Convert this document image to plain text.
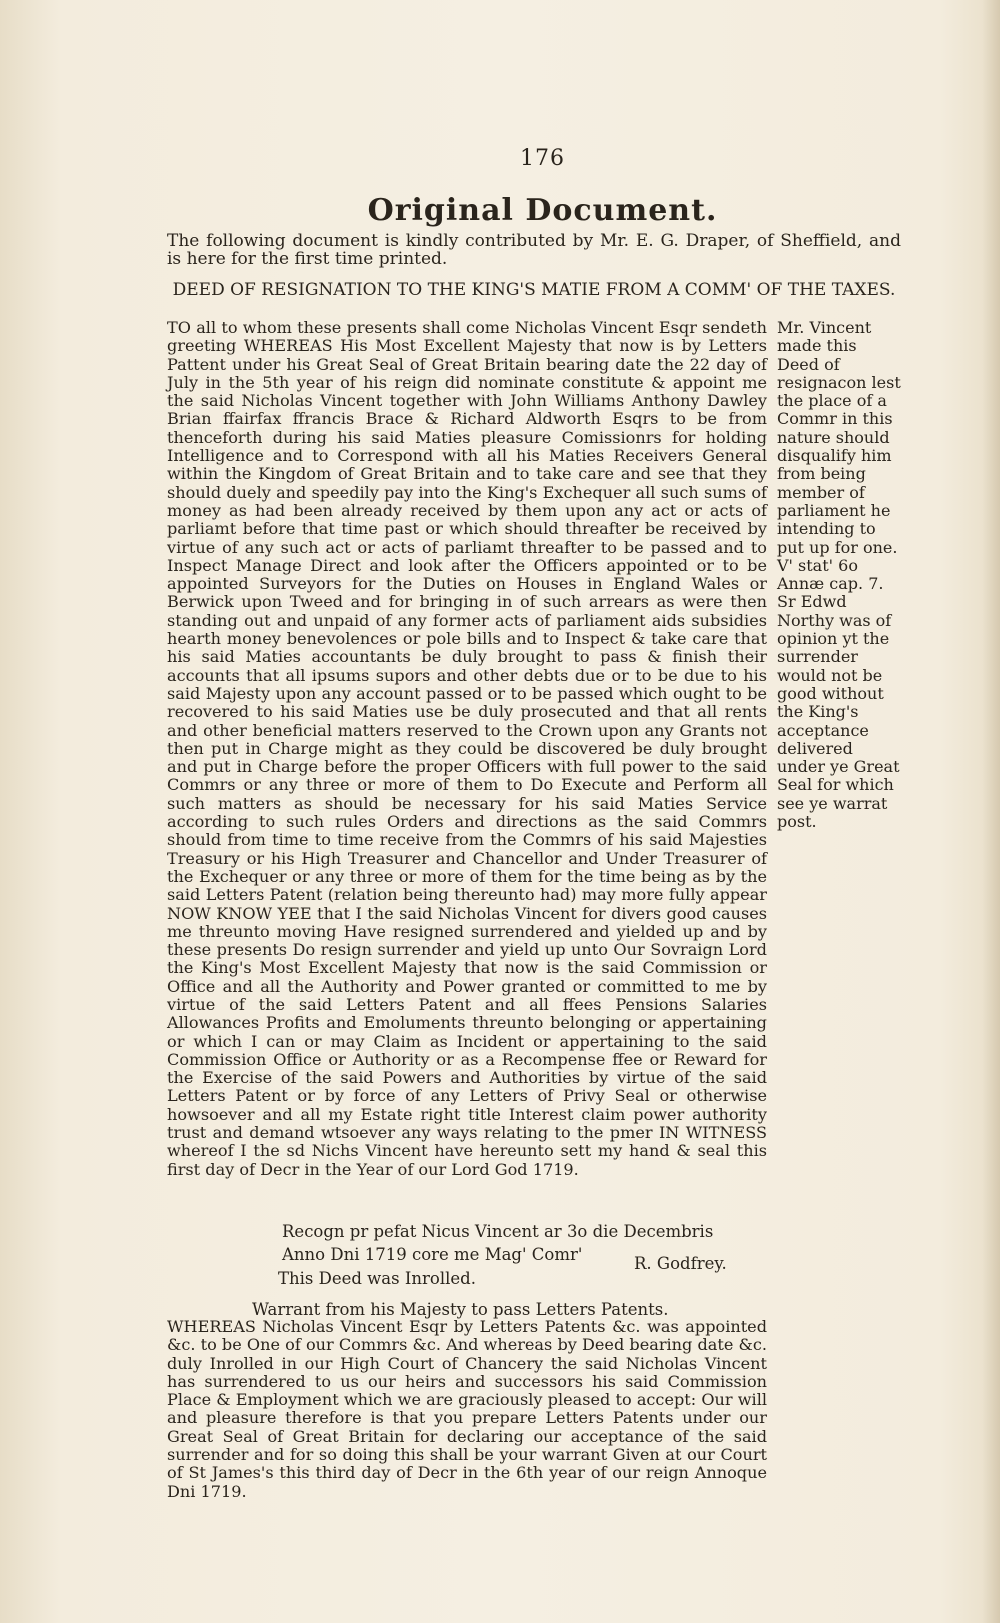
176
Original Document.
The following document is kindly contributed by Mr. E. G. Draper, of Sheffield, and is here for the first time printed.
DEED OF RESIGNATION TO THE KING'S MATIE FROM A COMM' OF THE TAXES.

TO all to whom these presents shall come Nicholas Vincent Esqr sendeth greeting WHEREAS His Most Excellent Majesty that now is by Letters Pattent under his Great Seal of Great Britain bearing date the 22 day of July in the 5th year of his reign did nominate constitute & appoint me the said Nicholas Vincent together with John Williams Anthony Dawley Brian ffairfax ffrancis Brace & Richard Aldworth Esqrs to be from thenceforth during his said Maties pleasure Comissionrs for holding Intelligence and to Correspond with all his Maties Receivers General within the Kingdom of Great Britain and to take care and see that they should duely and speedily pay into the King's Exchequer all such sums of money as had been already received by them upon any act or acts of parliamt before that time past or which should threafter be received by virtue of any such act or acts of parliamt threafter to be passed and to Inspect Manage Direct and look after the Officers appointed or to be appointed Surveyors for the Duties on Houses in England Wales or Berwick upon Tweed and for bringing in of such arrears as were then standing out and unpaid of any former acts of parliament aids subsidies hearth money benevolences or pole bills and to Inspect & take care that his said Maties accountants be duly brought to pass & finish their accounts that all ipsums supors and other debts due or to be due to his said Majesty upon any account passed or to be passed which ought to be recovered to his said Maties use be duly prosecuted and that all rents and other beneficial matters reserved to the Crown upon any Grants not then put in Charge might as they could be discovered be duly brought and put in Charge before the proper Officers with full power to the said Commrs or any three or more of them to Do Execute and Perform all such matters as should be necessary for his said Maties Service according to such rules Orders and directions as the said Commrs should from time to time receive from the Commrs of his said Majesties Treasury or his High Treasurer and Chancellor and Under Treasurer of the Exchequer or any three or more of them for the time being as by the said Letters Patent (relation being thereunto had) may more fully appear NOW KNOW YEE that I the said Nicholas Vincent for divers good causes me threunto moving Have resigned surrendered and yielded up and by these presents Do resign surrender and yield up unto Our Sovraign Lord the King's Most Excellent Majesty that now is the said Commission or Office and all the Authority and Power granted or committed to me by virtue of the said Letters Patent and all ffees Pensions Salaries Allowances Profits and Emoluments threunto belonging or appertaining or which I can or may Claim as Incident or appertaining to the said Commission Office or Authority or as a Recompense ffee or Reward for the Exercise of the said Powers and Authorities by virtue of the said Letters Patent or by force of any Letters of Privy Seal or otherwise howsoever and all my Estate right title Interest claim power authority trust and demand wtsoever any ways relating to the pmer IN WITNESS whereof I the sd Nichs Vincent have hereunto sett my hand & seal this first day of Decr in the Year of our Lord God 1719.

Mr. Vincent made this Deed of resignacon lest the place of a Commr in this nature should disqualify him from being member of parliament he intending to put up for one. V' stat' 6o Annæ cap. 7. Sr Edwd Northy was of opinion yt the surrender would not be good without the King's acceptance delivered under ye Great Seal for which see ye warrat post.

Recogn pr pefat Nicus Vincent ar 3o die Decembris
Anno Dni 1719 core me Mag' Comr'	R. Godfrey.
This Deed was Inrolled.
Warrant from his Majesty to pass Letters Patents.
WHEREAS Nicholas Vincent Esqr by Letters Patents &c. was appointed &c. to be One of our Commrs &c. And whereas by Deed bearing date &c. duly Inrolled in our High Court of Chancery the said Nicholas Vincent has surrendered to us our heirs and successors his said Commission Place & Employment which we are graciously pleased to accept: Our will and pleasure therefore is that you prepare Letters Patents under our Great Seal of Great Britain for declaring our acceptance of the said surrender and for so doing this shall be your warrant Given at our Court of St James's this third day of Decr in the 6th year of our reign Annoque Dni 1719.
